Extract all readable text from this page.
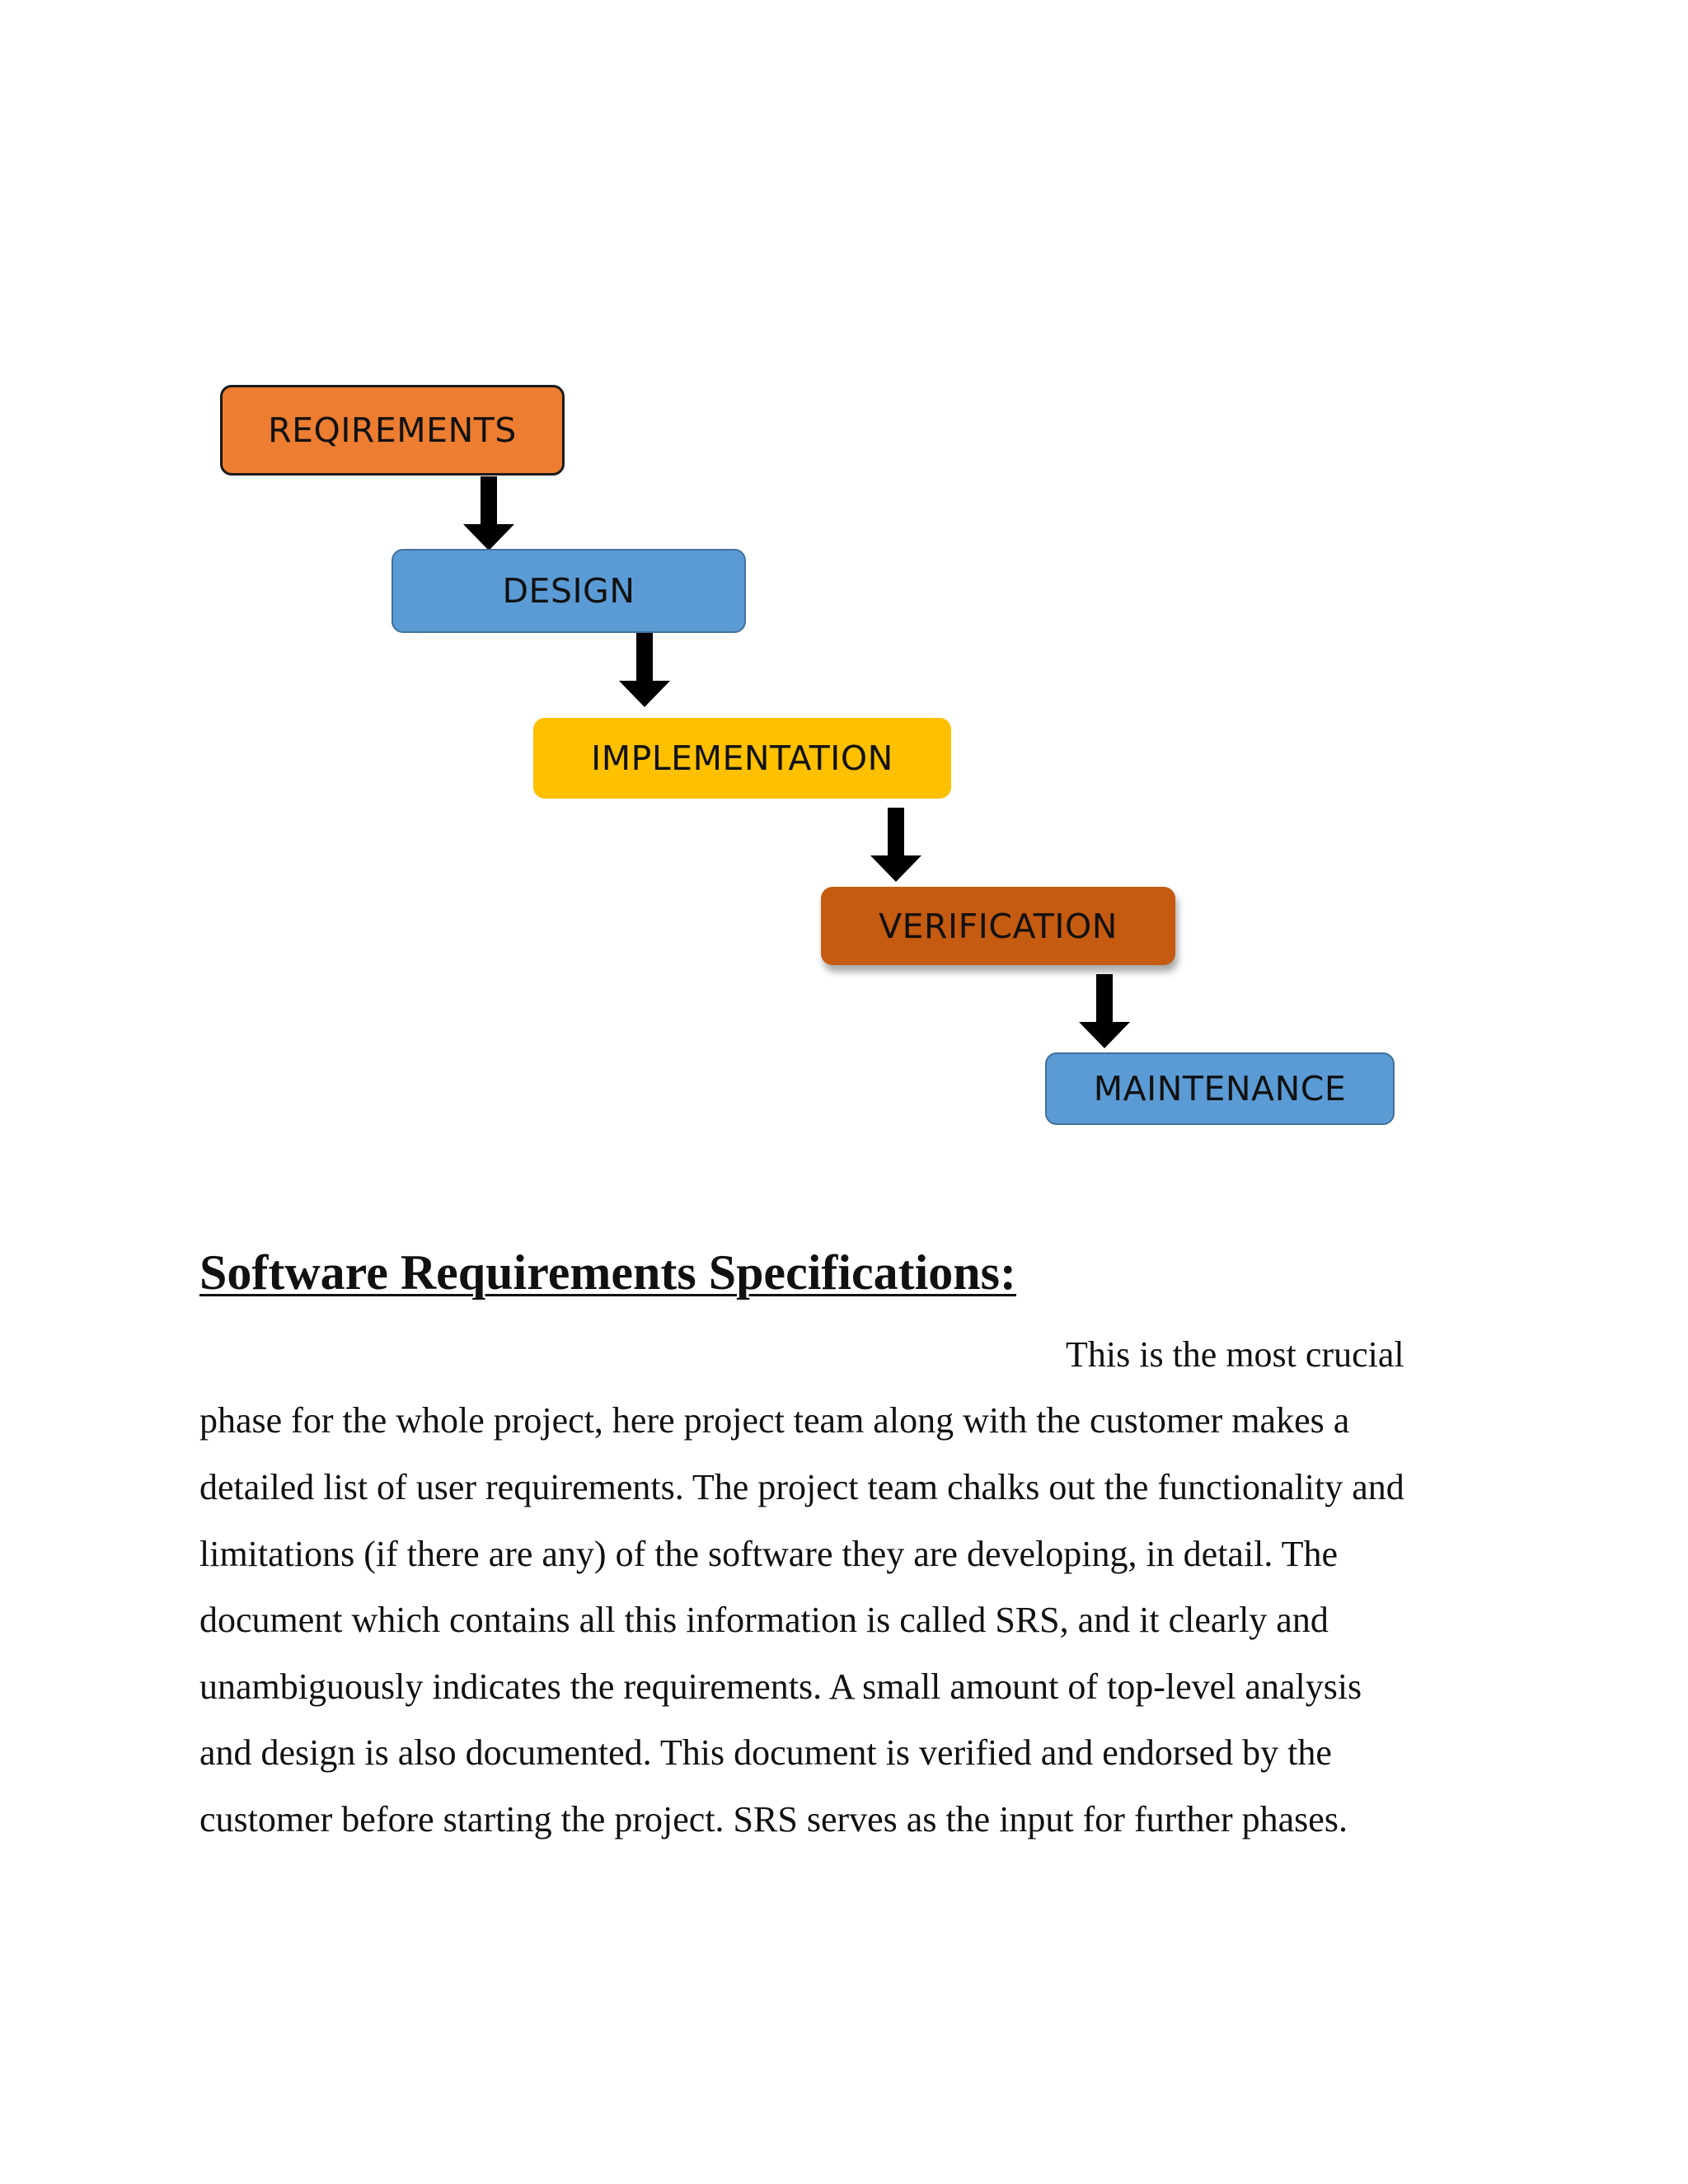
REQIREMENTS
DESIGN
IMPLEMENTATION
VERIFICATION
MAINTENANCE
Software Requirements Specifications:

This is the most crucial

phase for the whole project, here project team along with the customer makes a

detailed list of user requirements. The project team chalks out the functionality and

limitations (if there are any) of the software they are developing, in detail. The

document which contains all this information is called SRS, and it clearly and

unambiguously indicates the requirements. A small amount of top-level analysis

and design is also documented. This document is verified and endorsed by the

customer before starting the project. SRS serves as the input for further phases.
